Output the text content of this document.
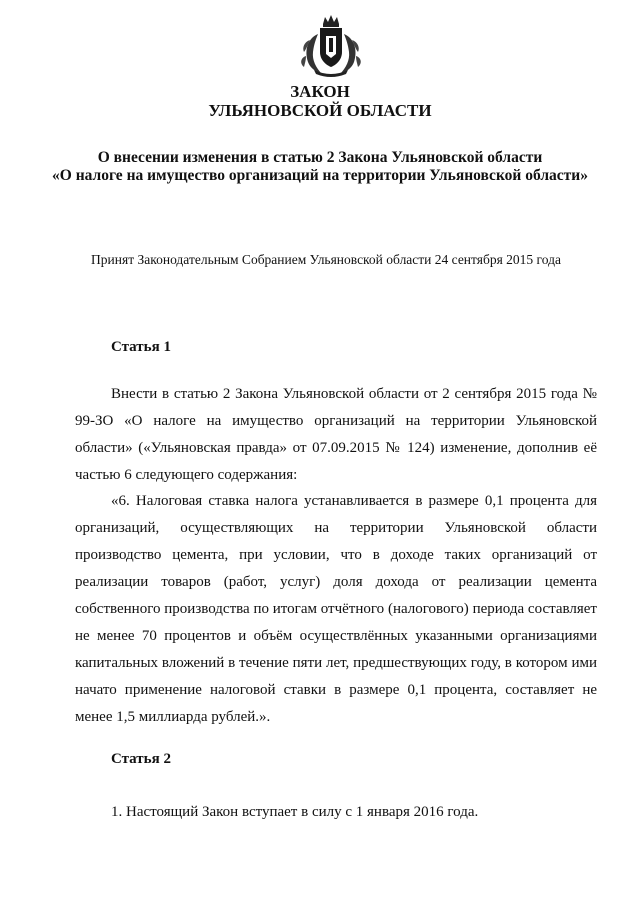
ЗАКОН
УЛЬЯНОВСКОЙ ОБЛАСТИ
О внесении изменения в статью 2 Закона Ульяновской области
«О налоге на имущество организаций на территории Ульяновской области»
Принят Законодательным Собранием Ульяновской области 24 сентября 2015 года
Статья 1

Внести в статью 2 Закона Ульяновской области от 2 сентября 2015 года № 99-ЗО «О налоге на имущество организаций на территории Ульяновской области» («Ульяновская правда» от 07.09.2015 № 124) изменение, дополнив её частью 6 следующего содержания:

«6. Налоговая ставка налога устанавливается в размере 0,1 процента для организаций, осуществляющих на территории Ульяновской области производство цемента, при условии, что в доходе таких организаций от реализации товаров (работ, услуг) доля дохода от реализации цемента собственного производства по итогам отчётного (налогового) периода составляет не менее 70 процентов и объём осуществлённых указанными организациями капитальных вложений в течение пяти лет, предшествующих году, в котором ими начато применение налоговой ставки в размере 0,1 процента, составляет не менее 1,5 миллиарда рублей.».

Статья 2

1. Настоящий Закон вступает в силу с 1 января 2016 года.
